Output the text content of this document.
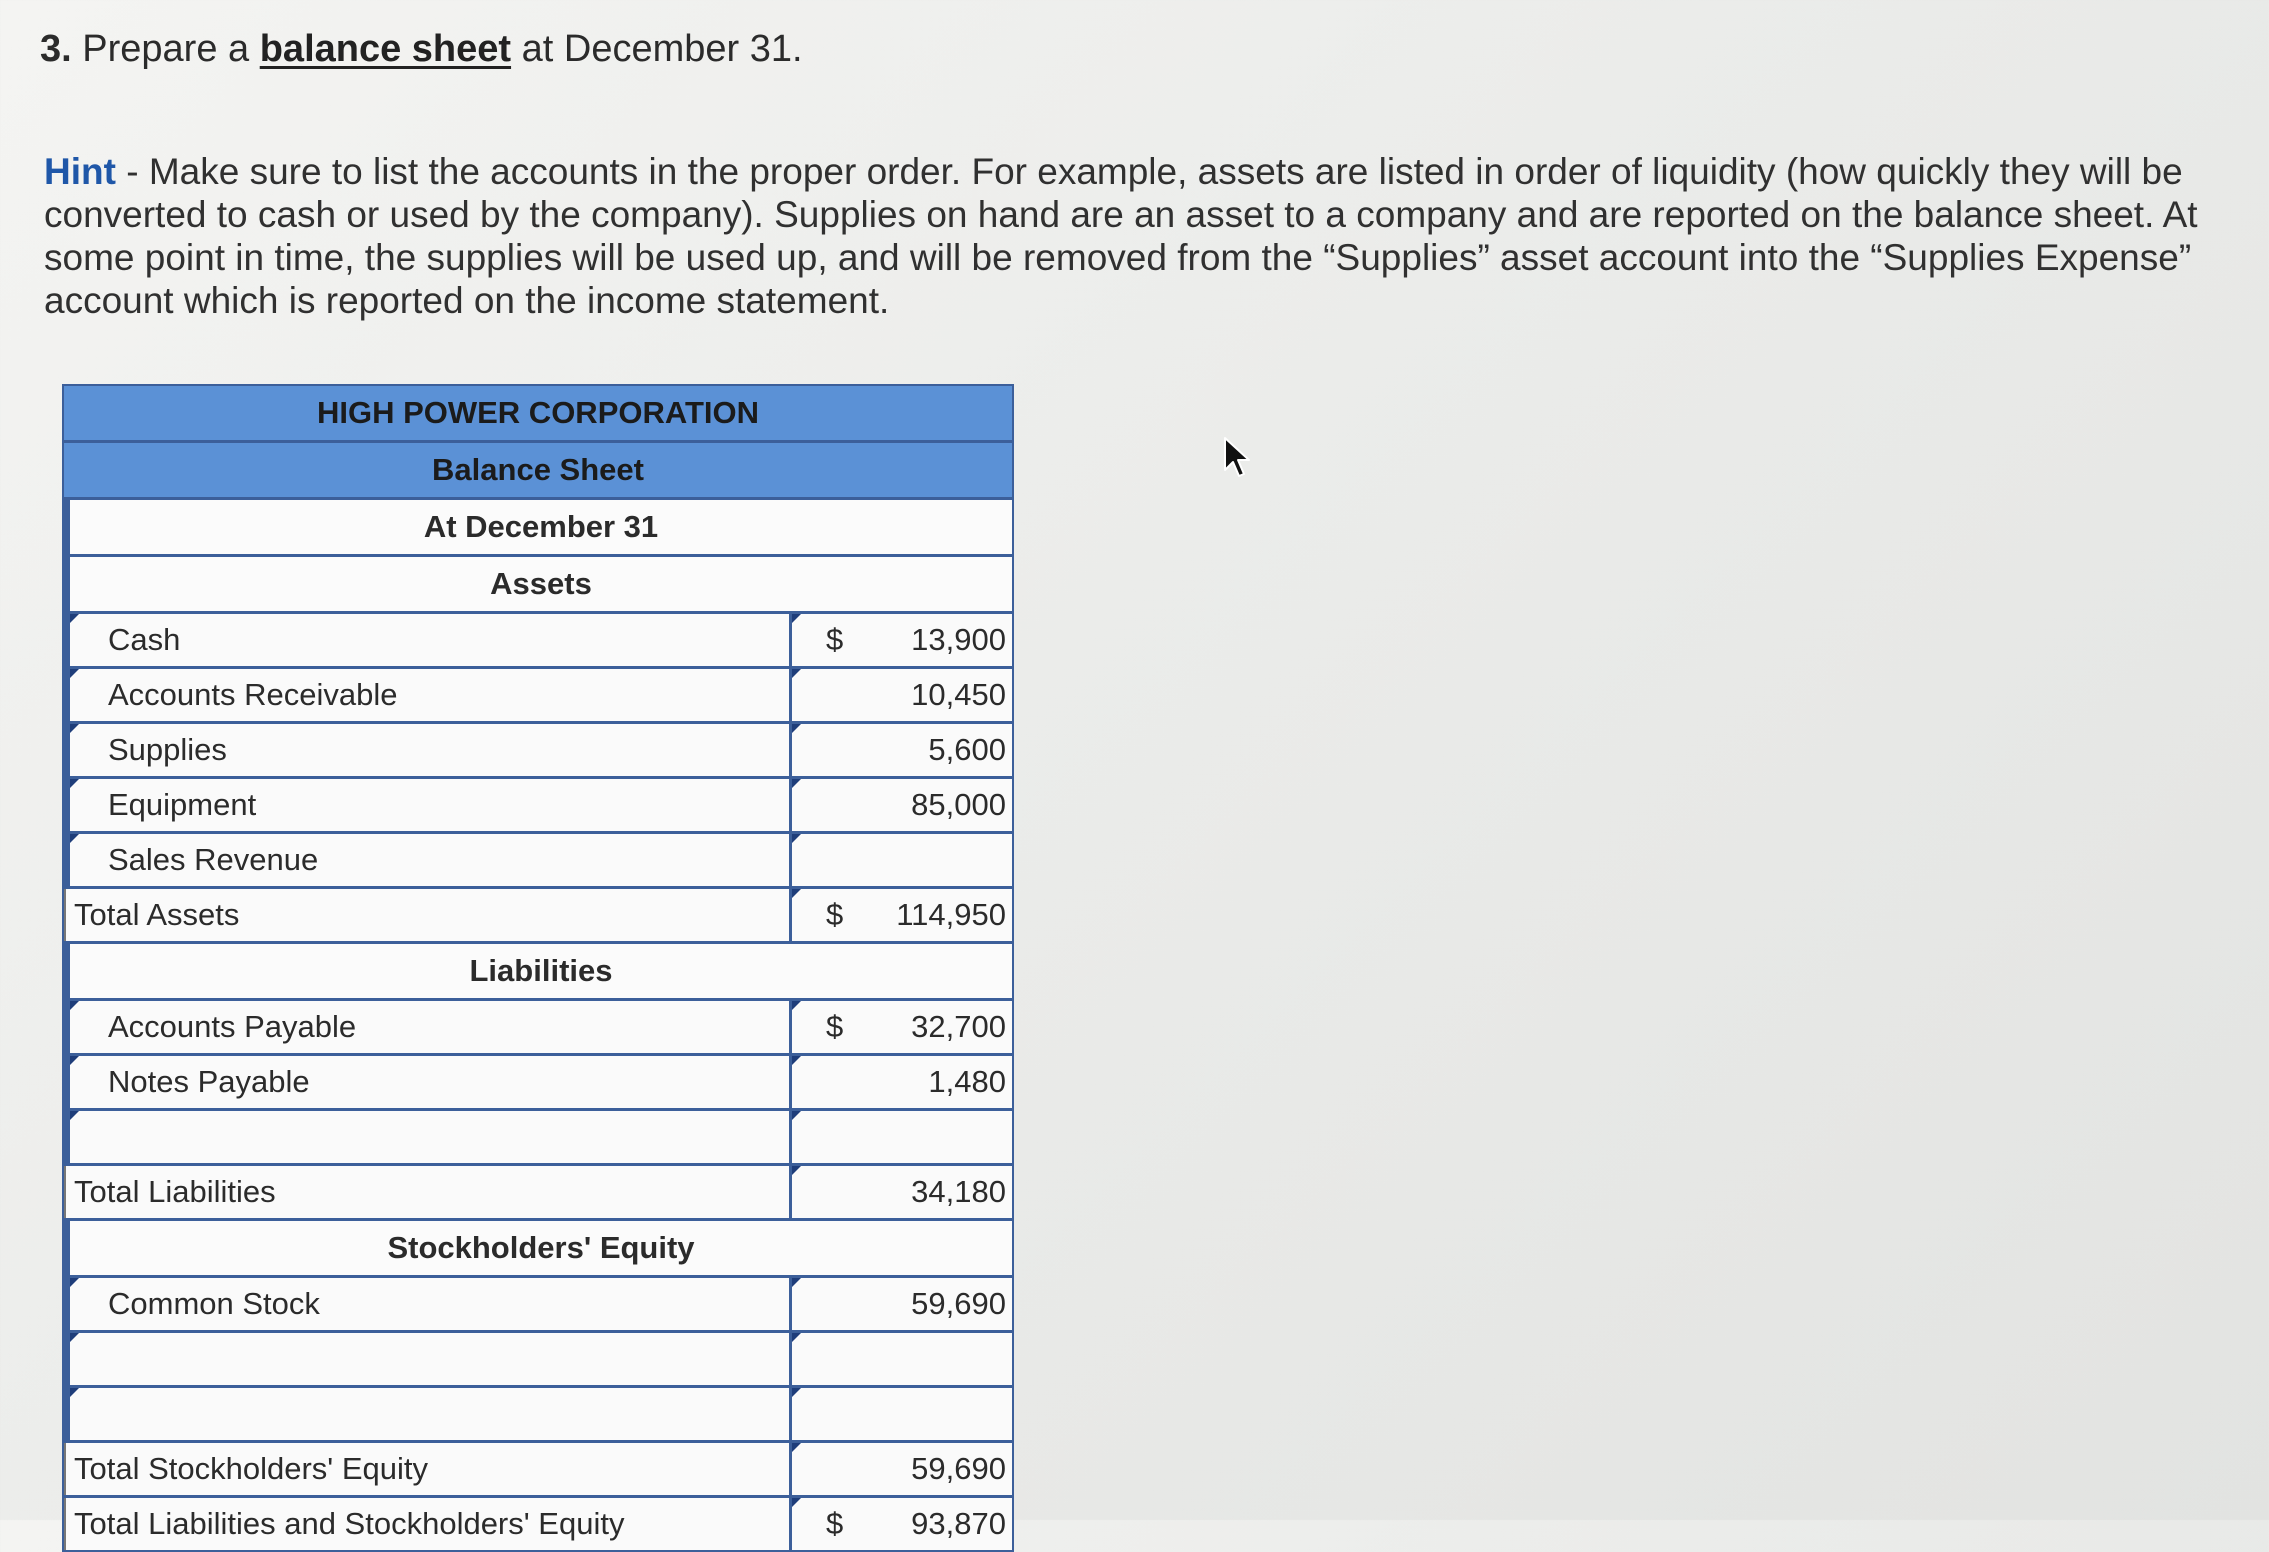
3. Prepare a balance sheet at December 31.
Hint - Make sure to list the accounts in the proper order. For example, assets are listed in order of liquidity (how quickly they will be converted to cash or used by the company). Supplies on hand are an asset to a company and are reported on the balance sheet. At some point in time, the supplies will be used up, and will be removed from the “Supplies” asset account into the “Supplies Expense” account which is reported on the income statement.
HIGH POWER CORPORATION
Balance Sheet
At December 31
Assets
Cash	$	13,900
Accounts Receivable	10,450
Supplies	5,600
Equipment	85,000
Sales Revenue
Total Assets	$	114,950
Liabilities
Accounts Payable	$	32,700
Notes Payable	1,480
Total Liabilities	34,180
Stockholders' Equity
Common Stock	59,690
Total Stockholders' Equity	59,690
Total Liabilities and Stockholders' Equity	$	93,870
